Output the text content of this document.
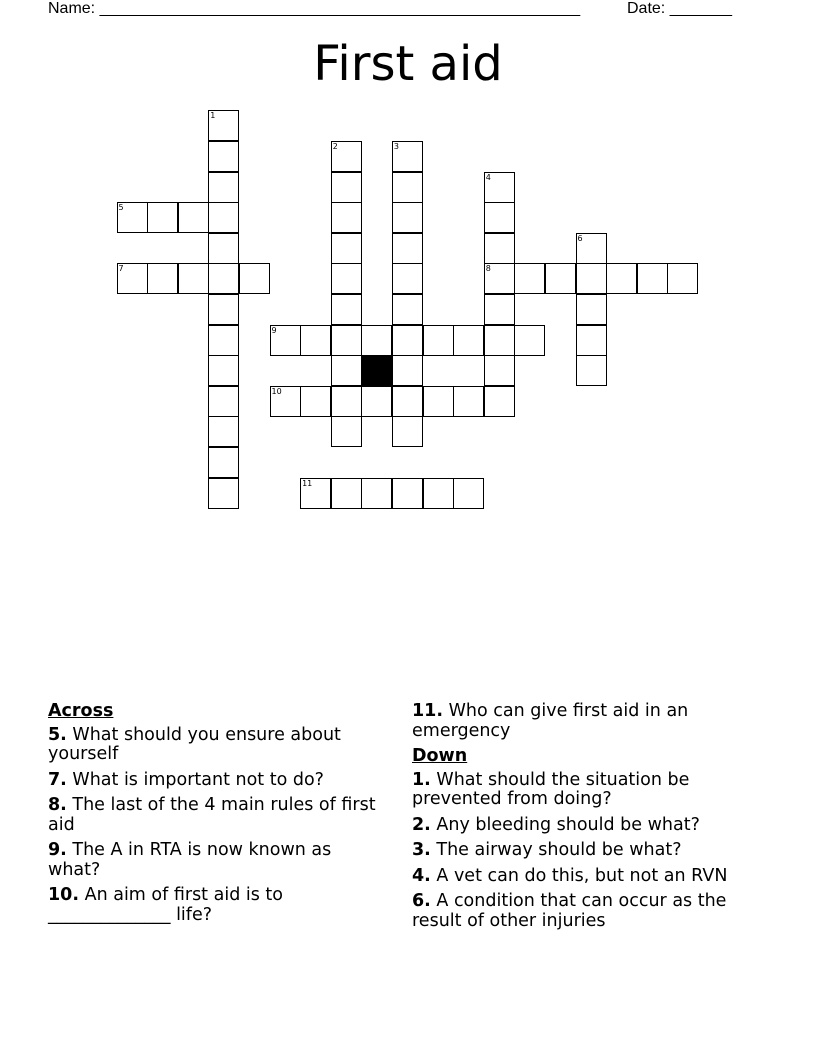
Name: ______________________________________________________	Date: _______
First aid
1
2	3
4
5
6
7	8
9
10
11
Across
5. What should you ensure about yourself
7. What is important not to do?
8. The last of the 4 main rules of first aid
9. The A in RTA is now known as what?
10. An aim of first aid is to ______________ life?
11. Who can give first aid in an emergency
Down
1. What should the situation be prevented from doing?
2. Any bleeding should be what?
3. The airway should be what?
4. A vet can do this, but not an RVN
6. A condition that can occur as the result of other injuries
